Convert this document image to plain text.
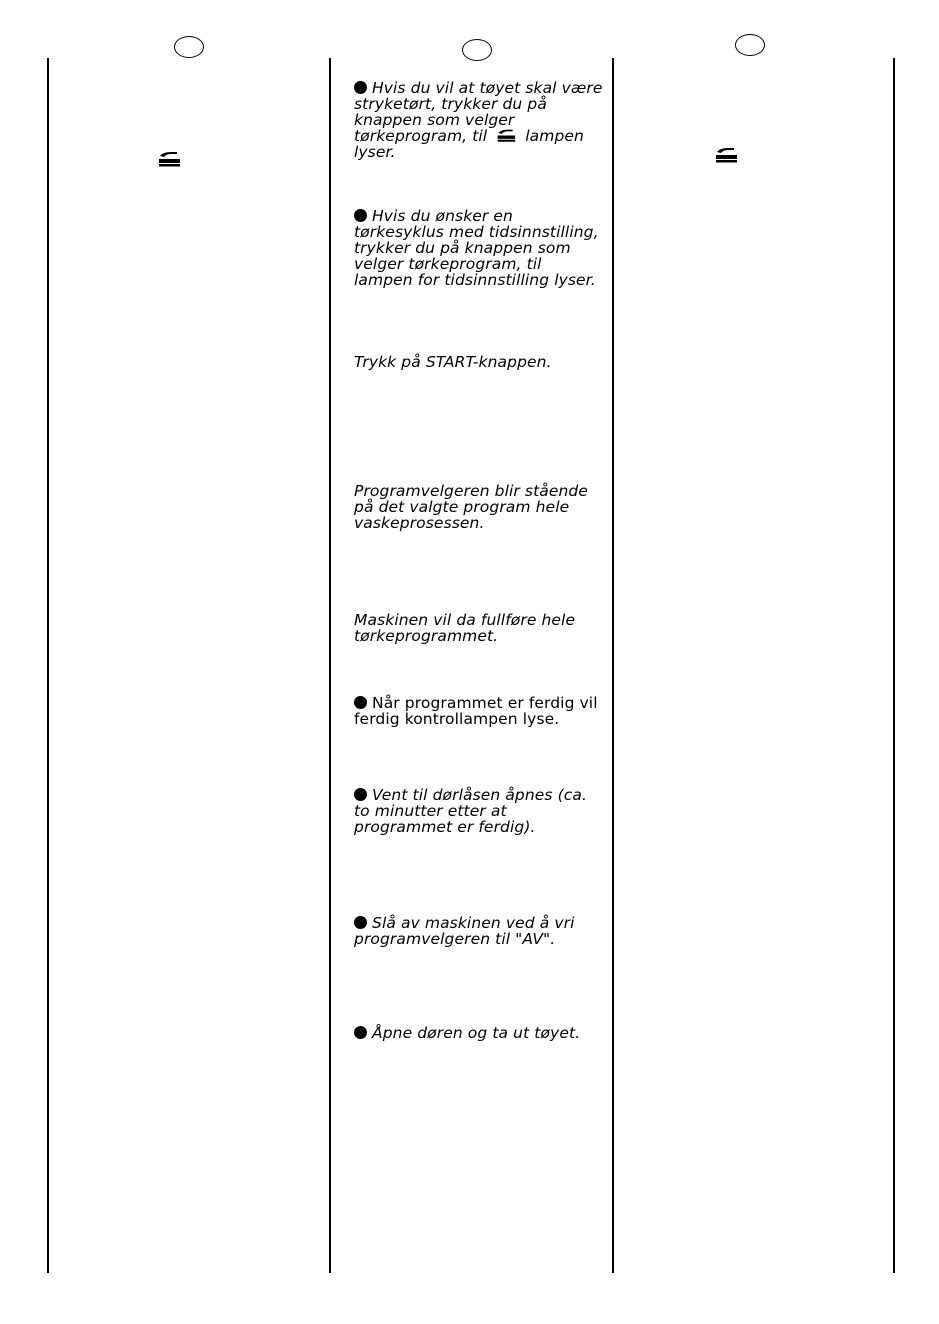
Hvis du vil at tøyet skal være stryketørt, trykker du på knappen som velger tørkeprogram, til lampen lyser.
Hvis du ønsker en tørkesyklus med tidsinnstilling, trykker du på knappen som velger tørkeprogram, til lampen for tidsinnstilling lyser.
Trykk på START-knappen.
Programvelgeren blir stående på det valgte program hele vaskeprosessen.
Maskinen vil da fullføre hele tørkeprogrammet.
Når programmet er ferdig vil ferdig kontrollampen lyse.
Vent til dørlåsen åpnes (ca. to minutter etter at programmet er ferdig).
Slå av maskinen ved å vri programvelgeren til "AV".
Åpne døren og ta ut tøyet.
